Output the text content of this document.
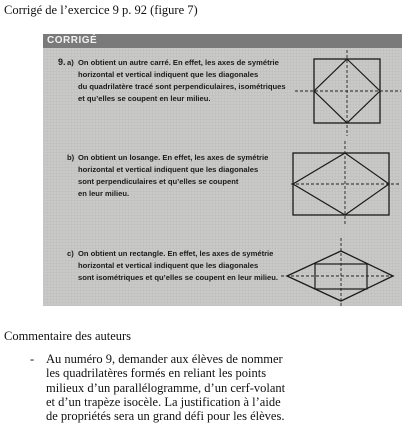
Corrigé de l’exercice 9 p. 92 (figure 7)
CORRIGÉ
9. a) On obtient un autre carré. En effet, les axes de symétrie
horizontal et vertical indiquent que les diagonales
du quadrilatère tracé sont perpendiculaires, isométriques
et qu’elles se coupent en leur milieu.
b) On obtient un losange. En effet, les axes de symétrie
horizontal et vertical indiquent que les diagonales
sont perpendiculaires et qu’elles se coupent
en leur milieu.
c) On obtient un rectangle. En effet, les axes de symétrie
horizontal et vertical indiquent que les diagonales
sont isométriques et qu’elles se coupent en leur milieu.
Commentaire des auteurs
- Au numéro 9, demander aux élèves de nommer
les quadrilatères formés en reliant les points
milieux d’un parallélogramme, d’un cerf-volant
et d’un trapèze isocèle. La justification à l’aide
de propriétés sera un grand défi pour les élèves.
